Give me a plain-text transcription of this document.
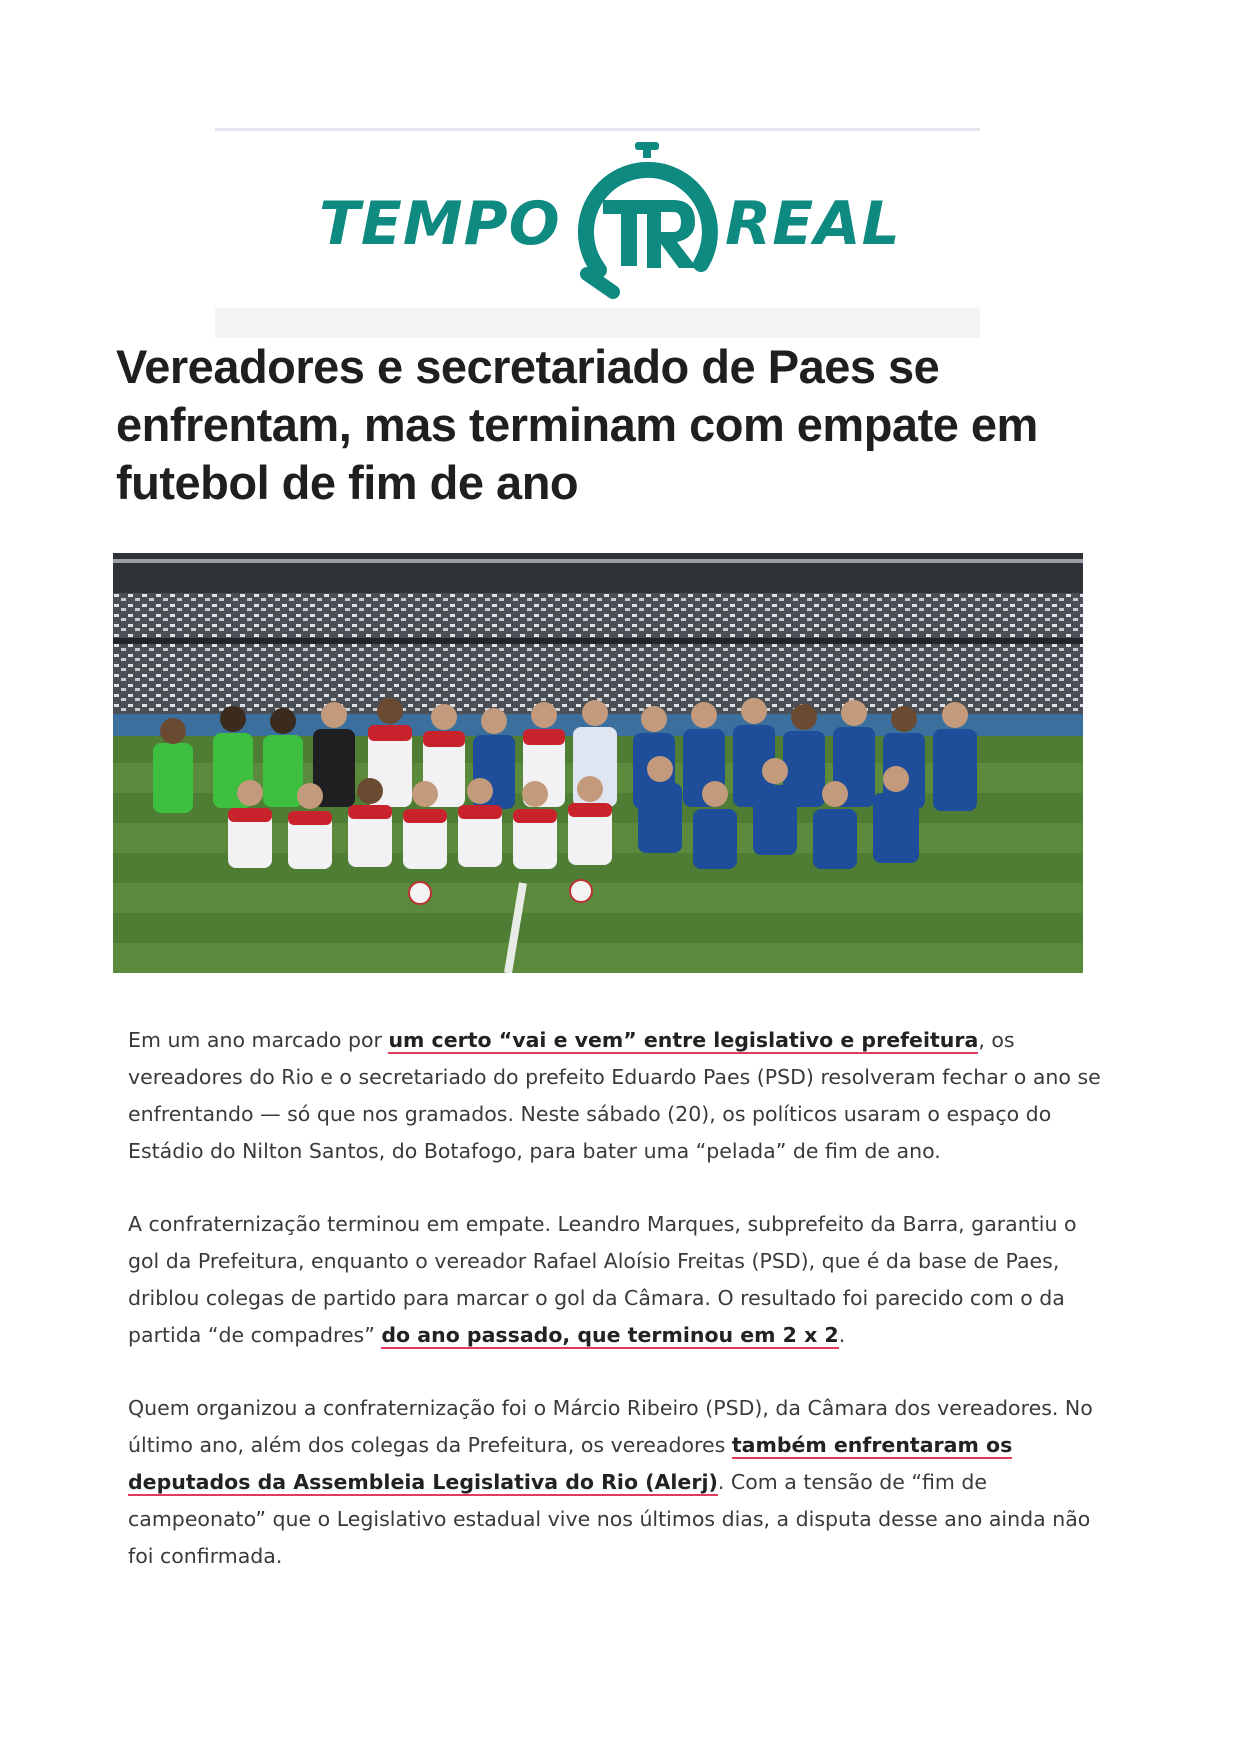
TEMPO	REAL
Vereadores e secretariado de Paes se enfrentam, mas terminam com empate em futebol de fim de ano

Em um ano marcado por um certo “vai e vem” entre legislativo e prefeitura, os vereadores do Rio e o secretariado do prefeito Eduardo Paes (PSD) resolveram fechar o ano se enfrentando — só que nos gramados. Neste sábado (20), os políticos usaram o espaço do Estádio do Nilton Santos, do Botafogo, para bater uma “pelada” de fim de ano.

A confraternização terminou em empate. Leandro Marques, subprefeito da Barra, garantiu o gol da Prefeitura, enquanto o vereador Rafael Aloísio Freitas (PSD), que é da base de Paes, driblou colegas de partido para marcar o gol da Câmara. O resultado foi parecido com o da partida “de compadres” do ano passado, que terminou em 2 x 2.

Quem organizou a confraternização foi o Márcio Ribeiro (PSD), da Câmara dos vereadores. No último ano, além dos colegas da Prefeitura, os vereadores também enfrentaram os deputados da Assembleia Legislativa do Rio (Alerj). Com a tensão de “fim de campeonato” que o Legislativo estadual vive nos últimos dias, a disputa desse ano ainda não foi confirmada.
